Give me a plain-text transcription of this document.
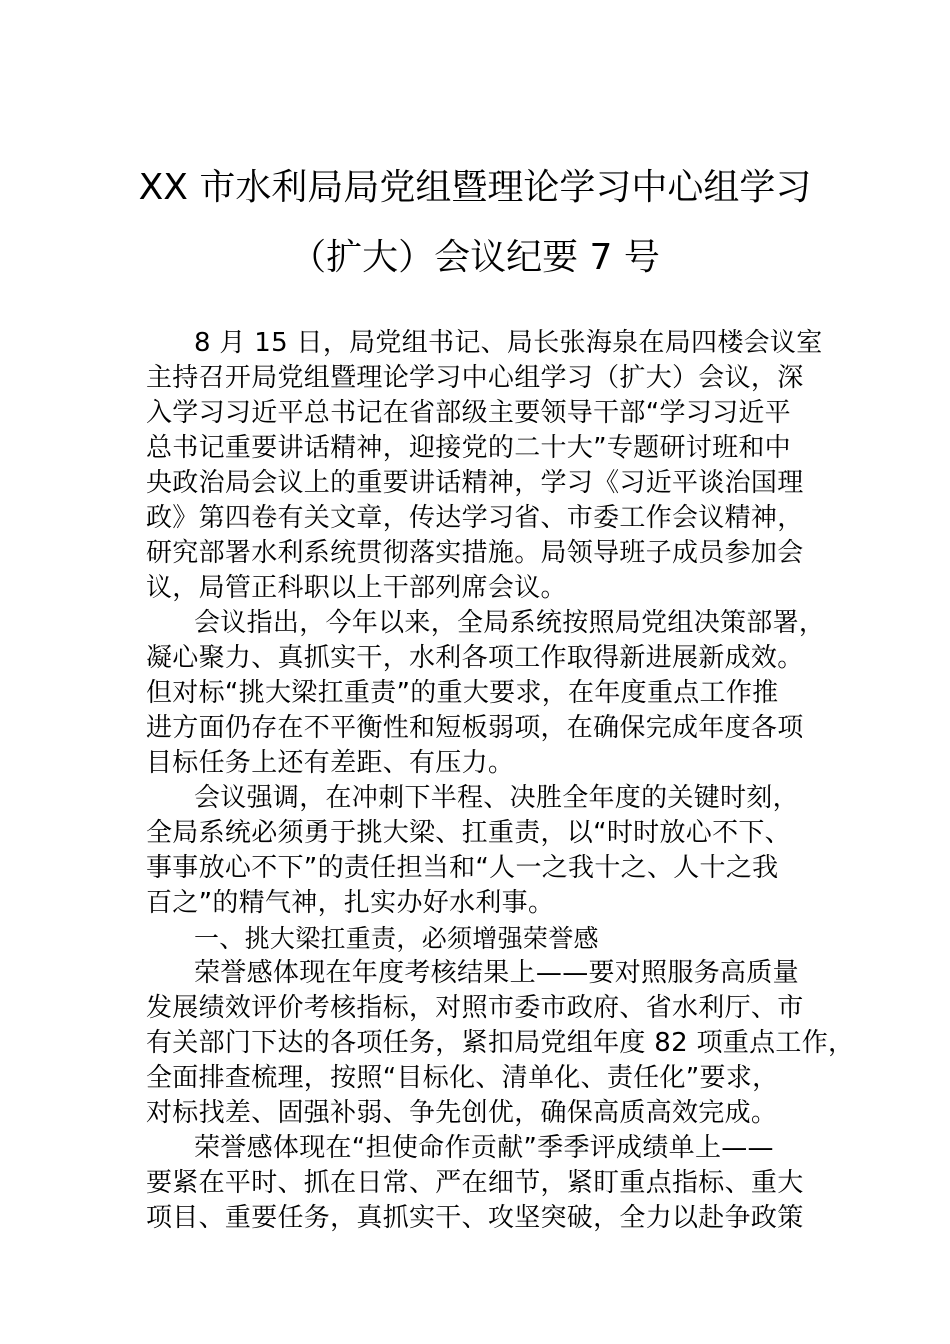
XX 市水利局局党组暨理论学习中心组学习
（扩大）会议纪要 7 号
8 月 15 日，局党组书记、局长张海泉在局四楼会议室
主持召开局党组暨理论学习中心组学习（扩大）会议，深
入学习习近平总书记在省部级主要领导干部“学习习近平
总书记重要讲话精神，迎接党的二十大”专题研讨班和中
央政治局会议上的重要讲话精神，学习《习近平谈治国理
政》第四卷有关文章，传达学习省、市委工作会议精神，
研究部署水利系统贯彻落实措施。局领导班子成员参加会
议，局管正科职以上干部列席会议。
会议指出，今年以来，全局系统按照局党组决策部署，
凝心聚力、真抓实干，水利各项工作取得新进展新成效。
但对标“挑大梁扛重责”的重大要求，在年度重点工作推
进方面仍存在不平衡性和短板弱项，在确保完成年度各项
目标任务上还有差距、有压力。
会议强调，在冲刺下半程、决胜全年度的关键时刻，
全局系统必须勇于挑大梁、扛重责，以“时时放心不下、
事事放心不下”的责任担当和“人一之我十之、人十之我
百之”的精气神，扎实办好水利事。
一、挑大梁扛重责，必须增强荣誉感
荣誉感体现在年度考核结果上——要对照服务高质量
发展绩效评价考核指标，对照市委市政府、省水利厅、市
有关部门下达的各项任务，紧扣局党组年度 82 项重点工作，
全面排查梳理，按照“目标化、清单化、责任化”要求，
对标找差、固强补弱、争先创优，确保高质高效完成。
荣誉感体现在“担使命作贡献”季季评成绩单上——
要紧在平时、抓在日常、严在细节，紧盯重点指标、重大
项目、重要任务，真抓实干、攻坚突破，全力以赴争政策
